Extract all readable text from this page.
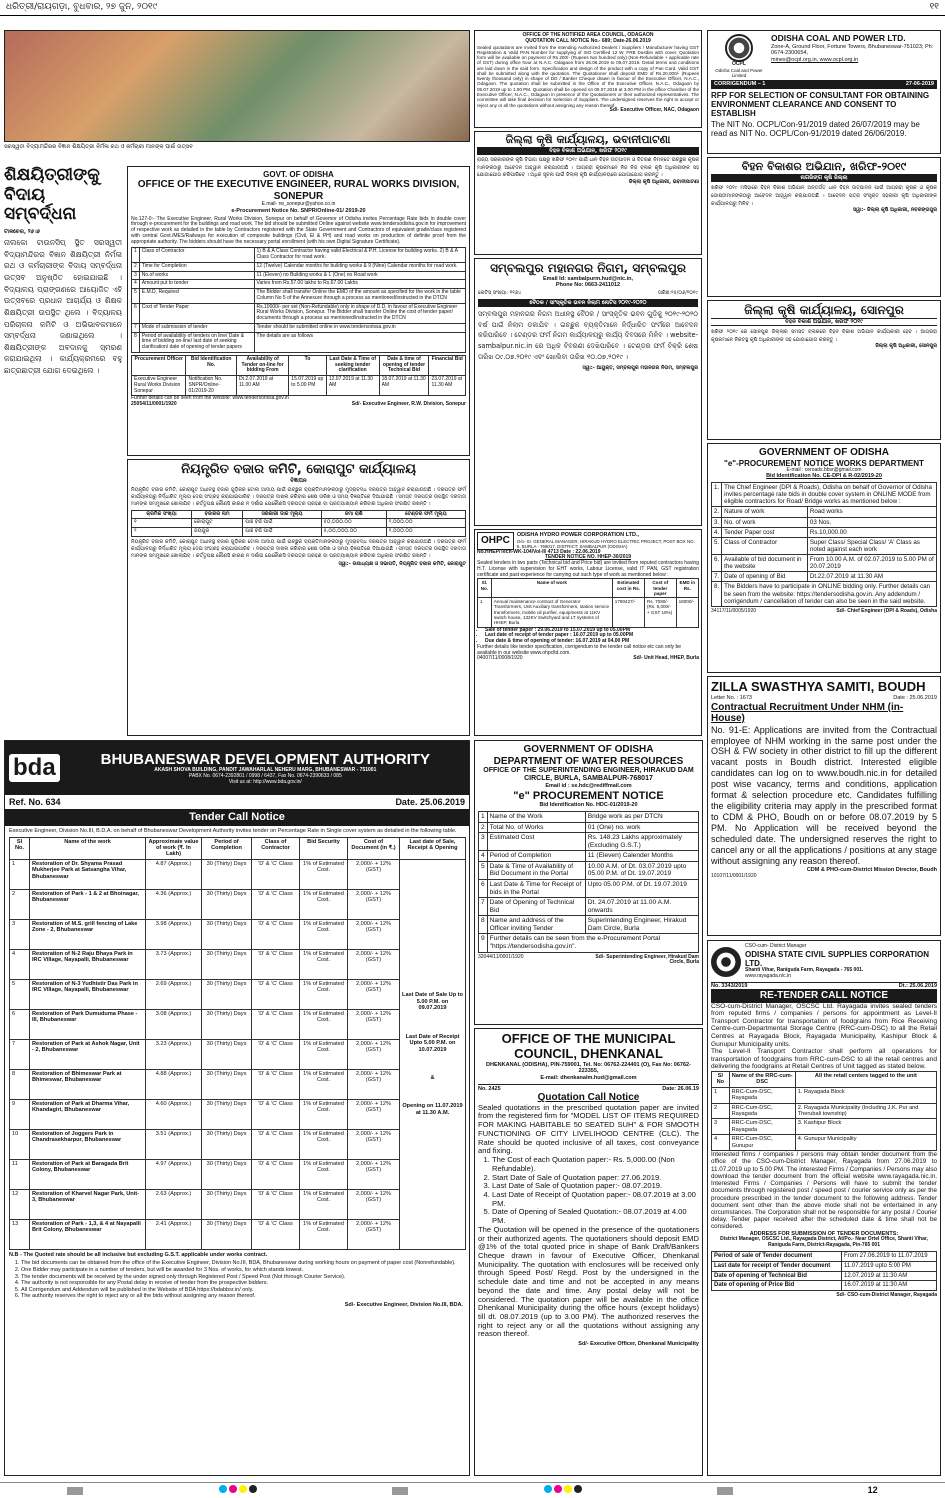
ଧରିତ୍ରୀ/ରାୟଗଡ଼ା, ବୁଧବାର, ୨୭ ଜୁନ, ୨୦୧୯	୧୧
ସରସ୍ୱତୀ ବିଦ୍ୟାମନ୍ଦିରର ବିଜ୍ଞାନ ଶିକ୍ଷୟିତ୍ରୀ ନିର୍ମଳା ରଥ ଓ କର୍ମଚାରୀ ମାନଙ୍କ ପାଇଁ ଉତ୍ସବ
ଶିକ୍ଷୟିତ୍ରୀଙ୍କୁ ବିଦାୟ ସମ୍ବର୍ଦ୍ଧନା
ଟାଳଚେର, ୨୬।୬
ନାଲକୋ ଟାଉନସିପ୍ ସ୍ଥିତ ସରସ୍ୱତୀ ବିଦ୍ୟାମନ୍ଦିରର ବିଜ୍ଞାନ ଶିକ୍ଷୟିତ୍ରୀ ନିର୍ମଳା ରଥ ଓ କର୍ମଚାରୀଙ୍କ ବିଦାୟ ସମ୍ବର୍ଦ୍ଧନା ଉତ୍ସବ ଅନୁଷ୍ଠିତ ହୋଇଯାଇଛି । ବିଦ୍ୟାଳୟ ପ୍ରାଙ୍ଗଣରେ ଆୟୋଜିତ ଏହି ଉତ୍ସବରେ ପ୍ରଧାନ ଆଚାର୍ଯ୍ୟ ଓ ଶିକ୍ଷକ ଶିକ୍ଷୟିତ୍ରୀ ଉପସ୍ଥିତ ଥିଲେ । ବିଦ୍ୟାଳୟ ପରିଚାଳନା କମିଟି ଓ ଅଭିଭାବକମାନେ ସମ୍ବର୍ଦ୍ଧନା ଜଣାଇଥିଲେ । ଶିକ୍ଷୟିତ୍ରୀଙ୍କ ଅବଦାନକୁ ସ୍ମରଣ କରାଯାଇଥିଲା । କାର୍ଯ୍ୟକ୍ରମରେ ବହୁ ଛାତ୍ରଛାତ୍ରୀ ଯୋଗ ଦେଇଥିଲେ ।
GOVT. OF ODISHA
OFFICE OF THE EXECUTIVE ENGINEER, RURAL WORKS DIVISION, SONEPUR
E.mail- rw_sonepur@yahoo.co.in
e-Procurement Notice No. SNPR/Online-01/ 2019-20
No.127-0:- The Executive Engineer, Rural Works Division, Sonepur on behalf of Governor of Odisha invites Percentage Rate bids in double cover through e-procurement for the buildings and road work. The bid should be submitted Online against website www.tendersodisha.gov.in for improvement of respective work as detailed in the table by Contractors registered with the State Government and Contractors of equivalent grade/class registered with central Govt./MES/Railways for execution of composite buildings (Civil, El & PH) and road works on production of definite proof from the appropriate authority. The bidders should have the necessary portal enrollment (with his own Digital Signature Certificate).
1	Class of Contractor	1) B & A Class Contractor having valid Electrical & P.H. License for building works. 2) B & A Class Contractor for road work.
2	Time for Completion	12 (Twelve) Calendar months for building works & 9 (Nine) Calendar months for road work.
3	No.of works	11 (Eleven) no Building works & 1 (One) no Road work
4	Amount put to tender	Varies from Rs.57.00 lakhs to Rs.67.00 Lakhs
5	E.M.D. Required	The Bidder shall transfer Online the EMD of the amount as specified for the work in the table Column No 5 of the Annexure through a process as mentioned/instructed in the DTCN
6	Cost of Tender Paper	Rs.10000/- per set (Non-Refundable) only in shape of D.D. in favour of Executive Engineer Rural Works Division, Sonepur. The Bidder shall transfer Online the cost of tender paper/ documents through a process as mentioned/instructed in the DTCN
7	Mode of submission of tender	Tender should be submitted online in www.tendersorissa.gov.in
8	Period of availability of tenders on line/ Date & time of bidding on-line/ last date of seeking clarification/ date of opening of tender papers	The details are as follows
Procurement Officer	Bid Identification No.	Availability of Tender on-line for bidding From	To	Last Date & Time of seeking tender clarification	Date & time of opening of tender Technical Bid	Financial Bid
Executive Engineer Rural Works Division Sonepur	Notification No. SNPR/Online-01/2019-20	Dt.2.07.2019 at 11.00 AM	15.07.2019 up to 5.00 PM	12.07.2019 at 11.30 AM	18.07.2019 at 11.30 AM	23.07.2019 at 11.30 AM
Further details can be seen from the website: www.tendersorissa.gov.in
25054/11/0001/1920	Sd/- Executive Engineer, R.W. Division, Sonepur
ନିୟନ୍ତ୍ରିତ ବଜାର କମିଟି, କୋରାପୁଟ କାର୍ଯ୍ୟାଳୟ
ବିଜ୍ଞାପନ
ନିୟନ୍ତ୍ରିତ ବଜାର କମିଟି, କୋରାପୁଟ ଅଧୀନସ୍ଥ ବଜାର ଗୁଡ଼ିକର ଟୋଲ ଆଦାୟ ପାଇଁ ଇଚ୍ଛୁକ ବ୍ୟକ୍ତିମାନଙ୍କଠାରୁ ମୁଦ୍ରାବଦ୍ଧ ଦରପତ୍ର ଆହ୍ୱାନ କରାଯାଉଅଛି । ଦରପତ୍ର ଫର୍ମ କାର୍ଯ୍ୟାଳୟରୁ ନିର୍ଦ୍ଧାରିତ ମୂଲ୍ୟ ଦେଇ ସଂଗ୍ରହ କରାଯାଇପାରିବ । ଦରପତ୍ର ଦାଖଲ କରିବାର ଶେଷ ତାରିଖ ଓ ସମୟ ବିଜ୍ଞପ୍ତିରେ ଦିଆଯାଇଛି । ସମସ୍ତ ଦରପତ୍ର ଉପସ୍ଥିତ ଦରଦାତା ମାନଙ୍କ ସମ୍ମୁଖରେ ଖୋଲାଯିବ । କର୍ତ୍ତୃପକ୍ଷ କୌଣସି କାରଣ ନ ଦର୍ଶାଇ ଯେକୌଣସି ଦରପତ୍ର ଗ୍ରହଣ ବା ପ୍ରତ୍ୟାଖ୍ୟାନ କରିବାର ଅଧିକାର ସଂରକ୍ଷିତ ରଖନ୍ତି ।
କ୍ରମିକ ସଂଖ୍ୟା	ବଜାରର ନାମ	ସରକାରୀ ଡାକ ମୂଲ୍ୟ	ଜମା ରାଶି	ଟେଣ୍ଡର ଫର୍ମ ମୂଲ୍ୟ
୧	କୋରାପୁଟ	ପାଞ୍ଚ ବର୍ଷ ପାଇଁ	୫୦,୦୦୦.୦୦	୨,୦୦୦.୦୦
୨	ଜୟପୁର	ପାଞ୍ଚ ବର୍ଷ ପାଇଁ	୫,୦୦,୦୦୦.୦୦	୨,୦୦୦.୦୦
ନିୟନ୍ତ୍ରିତ ବଜାର କମିଟି, କୋରାପୁଟ ଅଧୀନସ୍ଥ ବଜାର ଗୁଡ଼ିକର ଟୋଲ ଆଦାୟ ପାଇଁ ଇଚ୍ଛୁକ ବ୍ୟକ୍ତିମାନଙ୍କଠାରୁ ମୁଦ୍ରାବଦ୍ଧ ଦରପତ୍ର ଆହ୍ୱାନ କରାଯାଉଅଛି । ଦରପତ୍ର ଫର୍ମ କାର୍ଯ୍ୟାଳୟରୁ ନିର୍ଦ୍ଧାରିତ ମୂଲ୍ୟ ଦେଇ ସଂଗ୍ରହ କରାଯାଇପାରିବ । ଦରପତ୍ର ଦାଖଲ କରିବାର ଶେଷ ତାରିଖ ଓ ସମୟ ବିଜ୍ଞପ୍ତିରେ ଦିଆଯାଇଛି । ସମସ୍ତ ଦରପତ୍ର ଉପସ୍ଥିତ ଦରଦାତା ମାନଙ୍କ ସମ୍ମୁଖରେ ଖୋଲାଯିବ । କର୍ତ୍ତୃପକ୍ଷ କୌଣସି କାରଣ ନ ଦର୍ଶାଇ ଯେକୌଣସି ଦରପତ୍ର ଗ୍ରହଣ ବା ପ୍ରତ୍ୟାଖ୍ୟାନ କରିବାର ଅଧିକାର ସଂରକ୍ଷିତ ରଖନ୍ତି ।
ସ୍ୱା:- ଉପାଧ୍ୟକ୍ଷ ଓ ସଭାପତି, ନିୟନ୍ତ୍ରିତ ବଜାର କମିଟି, କୋରାପୁଟ
OFFICE OF THE NOTIFIED AREA COUNCIL, ODAGAON
QUOTATION CALL NOTICE No.- 689; Date-26.06.2019
Sealed quotations are invited from the intending Authorized Dealers / Suppliers / Manufacturer having GST Registration & Valid PAN Number for supplying of ISO Certified 12 W. FRB Dustbin with cover. Quotation form will be available on payment of Rs.200/- (Rupees two hundred only) (Non-Refundable + applicable rate of GST) during office hour at N.A.C. Odagaon from 26.06.2019 to 05.07.2019. Detail terms and conditions are laid down in the said form. Specification and design of the product with a copy of Pan Card. Valid GST shall be submitted along with the quotation. The Quotationer shall deposit EMD of Rs.20,000/- (Rupees twenty thousand only) in shape of DD / Banker Cheque drawn in favour of the Executive Officer, N.A.C., Odagaon. The quotation shall be submitted in the Office of the Executive Officer, N.A.C., Odagaon by 05.07.2019 up to 1.00 PM. Quotation shall be opened on 05.07.2019 at 3.00 PM in the office Chamber of the Executive Officer, N.A.C., Odagaon in presence of the Quotationers or their authorized representatives. The committee will take final decision for Selection of Suppliers. The undersigned reserves the right to accept or reject any or all the quotations without assigning any reason thereof.
Sd/- Executive Officer, NAC, Odagaon
ଜିଲ୍ଲା କୃଷି କାର୍ଯ୍ୟାଳୟ, ଭବାନୀପାଟଣା
ବିହନ ବିକାଶ ଅଭିଯାନ, ଖରିଫ ୨୦୧୯
ରାଜ୍ୟ ସରକାରଙ୍କ କୃଷି ବିଭାଗ ପକ୍ଷରୁ ଖରିଫ ୨୦୧୯ ପାଇଁ ଧାନ ବିହନ ଉତ୍ପାଦନ ଓ ବିତରଣ ନିମନ୍ତେ ଇଚ୍ଛୁକ କୃଷକ ମାନଙ୍କଠାରୁ ଆବେଦନ ଆହ୍ୱାନ କରାଯାଉଅଛି । ଆଗ୍ରହୀ କୃଷକମାନେ ନିଜ ନିଜ ବ୍ଲକ କୃଷି ଅଧିକାରୀଙ୍କ ସହ ଯୋଗାଯୋଗ କରିପାରିବେ । ଅଧିକ ସୂଚନା ପାଇଁ ଜିଲ୍ଲା କୃଷି କାର୍ଯ୍ୟାଳୟରେ ଯୋଗାଯୋଗ କରନ୍ତୁ ।
ଜିଲ୍ଲା କୃଷି ଅଧିକାରୀ, ଭବାନୀପାଟଣା
ସମ୍ବଲପୁର ମହାନଗର ନିଗମ, ସମ୍ବଲପୁର
Email Id: sambalpurm.hud@nic.in,
Phone No: 0663-2411012
ନୋଟିସ୍ ସଂଖ୍ୟା: ୧୧୬୪	ତାରିଖ:୨୫/୦୬/୨୦୧୯
ବୈଠକ / ସାଂସ୍କୃତିକ ଭବନ ନିଲାମ ନୋଟିସ ୨୦୧୯-୨୦୨୦
ସମ୍ବଲପୁର ମହାନଗର ନିଗମ ଅଧୀନସ୍ଥ ବୈଠକ / ସାଂସ୍କୃତିକ ଭବନ ଗୁଡ଼ିକୁ ୨୦୧୯-୨୦୨୦ ବର୍ଷ ପାଇଁ ନିଲାମ ଡକାଯିବ । ଇଚ୍ଛୁକ ବ୍ୟକ୍ତିମାନେ ନିର୍ଦ୍ଧାରିତ ଫର୍ମରେ ଆବେଦନ କରିପାରିବେ । ଟେଣ୍ଡର ଫର୍ମ ନିଗମ କାର୍ଯ୍ୟାଳୟରୁ କାର୍ଯ୍ୟ ଦିବସରେ ମିଳିବ । website- sambalpur.nic.in ରେ ଅଧିକ ବିବରଣୀ ଦେଖିପାରିବେ । ଟେଣ୍ଡର ଫର୍ମ ବିକ୍ରି ଶେଷ ତାରିଖ ୦୯.୦୭.୨୦୧୯ ଏବଂ ଖୋଲିବା ତାରିଖ ୧୦.୦୭.୨୦୧୯ ।
ସ୍ୱା:- ଆୟୁକ୍ତ, ସମ୍ବଲପୁର ମହାନଗର ନିଗମ, ସମ୍ବଲପୁର
OHPC	ODISHA HYDRO POWER CORPORATION LTD.,
O/o- Sr. GENERAL MANAGER, HIRAKUD HYDRO ELECTRIC PROJECT, POST BOX NO. 5, BURLA - 768017, DISTRICT: SAMBALPUR (ODISHA)
No.HHEP/Tech-WK-104/Vol-II/ 4713 Date : 22.06.2019
TENDER NOTICE NO. HHEP-30/2019
Sealed tenders in two parts (Technical bid and Price bid) are invited from reputed contractors having H.T. License with supervision for EHT works, Labour License, valid IT PAN, GST registration certificate and past experience for carrying out such type of work as mentioned below :
Sl. No.	Name of work	Estimated cost in Rs.	Cost of tender paper	EMD in Rs.
1	Annual maintenance contract of Generator Transformers, Unit Auxiliary transformers, station service transformers, mobile oil purifier, equipments at 11KV switch house, 132KV Switchyard and LT systems of HHEP, Burla	1790427/-	Rs. 7080/- (Rs. 6,000/- + GST 18%)	18000/-
• Sale of tender paper : 29.06.2019 to 15.07.2019 up to 05.00PM
• Last date of receipt of tender paper : 16.07.2019 up to 05.00PM
• Due date & time of opening of tender: 16.07.2019 at 04.00 PM
Further details like tender specification, corrigendum to the tender call notice etc can only be available in our website www.ohpcltd.com.
04007/11/0008/1920	Sd/- Unit Head, HHEP, Burla
OCPL
Odisha Coal and Power Limited
ODISHA COAL AND POWER LTD.
Zone-A, Ground Floor, Fortune Towers, Bhubaneswar-751023; Ph: 0674-2300654,
mines@ocpl.org.in, www.ocpl.org.in
CORRIGENDUM – 1	27-06-2019
RFP FOR SELECTION OF CONSULTANT FOR OBTAINING ENVIRONMENT CLEARANCE AND CONSENT TO ESTABLISH
The NIT No. OCPL/Con-91/2019 dated 26/07/2019 may be read as NIT No. OCPL/Con-91/2019 dated 26/06/2019.
ବିହନ ବିକାଶର ଅଭିଯାନ, ଖରିଫ-୨୦୧୯
ନାଗରିଙ୍ଗ କୃଷି ଜିଲ୍ଲା
ଖରିଫ ୨୦୧୯ ମସିହାରେ ବିହନ ବିକାଶ ଅଭିଯାନ ଅନ୍ତର୍ଗତ ଧାନ ବିହନ ଉତ୍ପାଦନ ପାଇଁ ଆଗ୍ରହୀ କୃଷକ ଓ କୃଷକ ଗୋଷ୍ଠୀମାନଙ୍କଠାରୁ ଆବେଦନ ଆହ୍ୱାନ କରାଯାଉଅଛି । ଆବେଦନ ପତ୍ର ସଂପୃକ୍ତ ସହକାରୀ କୃଷି ଅଧିକାରୀଙ୍କ କାର୍ଯ୍ୟାଳୟରୁ ମିଳିବ ।
ସ୍ୱା:- ଜିଲ୍ଲା କୃଷି ଅଧିକାରୀ, ନବରଙ୍ଗପୁର
ଜିଲ୍ଲା କୃଷି କାର୍ଯ୍ୟାଳୟ, ସୋନପୁର
ବିହନ ବିକାଶ ଅଭିଯାନ, ଖରିଫ ୨୦୧୯
ଖରିଫ ୨୦୧୯ ରେ ସୋନପୁର ଜିଲ୍ଲାର ସମସ୍ତ ବ୍ଲକରେ ବିହନ ବିକାଶ ଅଭିଯାନ କାର୍ଯ୍ୟକାରୀ ହେବ । ଆଗ୍ରହୀ କୃଷକମାନେ ନିକଟସ୍ଥ କୃଷି ଅଧିକାରୀଙ୍କ ସହ ଯୋଗାଯୋଗ କରନ୍ତୁ ।
ଜିଲ୍ଲା କୃଷି ଅଧିକାରୀ, ସୋନପୁର
GOVERNMENT OF ODISHA
"e"-PROCUREMENT NOTICE WORKS DEPARTMENT
E-mail : ceroads.bbsr@gmail.com
Bid Identification No. CE-DPI & R-02/2019-20
1.	The Chief Engineer (DPI & Roads), Odisha on behalf of Governor of Odisha invites percentage rate bids in double cover system in ONLINE MODE from eligible contractors for Road/ Bridge works as mentioned below :	
2.	Nature of work	Road works
3.	No. of work	03 Nos.
4.	Tender Paper cost	Rs.10,000.00
5.	Class of Contractor	Super Class/ Special Class/ 'A' Class as noted against each work
6.	Available of bid document in the website	From 10.00 A.M. of 02.07.2019 to 5.00 PM of 20.07.2019
7.	Date of opening of Bid	Dt.22.07.2019 at 11.30 AM
8.	The Bidders have to participate in ONLINE bidding only. Further details can be seen from the website: https://tendersodisha.gov.in. Any addendum / corrigendum / cancellation of tender can also be seen in the said website.	
34117/11/0005/1920	Sd/- Chief Engineer (DPI & Roads), Odisha
ZILLA SWASTHYA SAMITI, BOUDH
Letter No. : 1673	Date : 25.06.2019
Contractual Recruitment Under NHM (in-House)
No. 91-E: Applications are invited from the Contractual employee of NHM working in the same post under the OSH & FW society in other district to fill up the different vacant posts in Boudh district. Interested eligible candidates can log on to www.boudh.nic.in for detailed post wise vacancy, terms and conditions, application format & selection procedure etc. Candidates fulfilling the eligibility criteria may apply in the prescribed format to CDM & PHO, Boudh on or before 08.07.2019 by 5 PM. No Application will be received beyond the scheduled date. The undersigned reserves the right to cancel any or all the applications / positions at any stage without assigning any reason thereof.
CDM & PHO-cum-District Mission Director, Boudh
10107/11/0001/1920
bda	BHUBANESWAR DEVELOPMENT AUTHORITY
AKASH SHOVA BUILDING, PANDIT JAWAHARLAL NEHERU MARG, BHUBANESWAR - 751001
PABX No. 0674-2392801 / 0998 / 6437, Fax No. 0674-2390633 / 085
Visit us at: http://www.bda.gov.in/
Ref. No. 634	Date. 25.06.2019
Tender Call Notice
Executive Engineer, Division No.III, B.D.A. on behalf of Bhubaneswar Development Authority invites tender on Percentage Rate in Single cover system as detailed in the following table.
Sl No.	Name of the work	Approximate value of work (₹. In Lakh)	Period of Completion	Class of Contractor	Bid Security	Cost of Document (in ₹.)	Last date of Sale, Receipt & Opening
1	Restoration of Dr. Shyama Prasad Mukherjee Park at Satsangha Vihar, Bhubaneswar	4.87 (Approx.)	30 (Thirty) Days	'D' & 'C' Class	1% of Estimated Cost.	2,000/- + 12% (GST)	Last Date of Sale Up to 5.00 P.M. on 09.07.2019
Last Date of Receipt Upto 5.00 P.M. on 10.07.2019
&
Opening on 11.07.2019 at 11.30 A.M.

2	Restoration of Park - 1 & 2 at Bhoinagar, Bhubaneswar	4.36 (Approx.)	30 (Thirty) Days	'D' & 'C' Class	1% of Estimated Cost.	2,000/- + 12% (GST)	
3	Restoration of M.S. grill fencing of Lake Zone - 2, Bhubaneswar	3.98 (Approx.)	30 (Thirty) Days	'D' & 'C' Class	1% of Estimated Cost.	2,000/- + 12% (GST)	
4	Restoration of N-2 Raju Bhaya Park in IRC Village, Nayapalli, Bhubaneswar	3.73 (Approx.)	30 (Thirty) Days	'D' & 'C' Class	1% of Estimated Cost.	2,000/- + 12% (GST)	
5	Restoration of N-3 Yudhistir Das Park in IRC Village, Nayapalli, Bhubaneswar	2.69 (Approx.)	30 (Thirty) Days	'D' & 'C' Class	1% of Estimated Cost.	2,000/- + 12% (GST)	
6	Restoration of Park Dumuduma Phase - III, Bhubaneswar	3.08 (Approx.)	30 (Thirty) Days	'D' & 'C' Class	1% of Estimated Cost.	2,000/- + 12% (GST)	
7	Restoration of Park at Ashok Nagar, Unit - 2, Bhubaneswar	3.23 (Approx.)	30 (Thirty) Days	'D' & 'C' Class	1% of Estimated Cost.	2,000/- + 12% (GST)	
8	Restoration of Bhimeswar Park at Bhimeswar, Bhubaneswar	4.88 (Approx.)	30 (Thirty) Days	'D' & 'C' Class	1% of Estimated Cost.	2,000/- + 12% (GST)	
9	Restoration of Park at Dharma Vihar, Khandagiri, Bhubaneswar	4.60 (Approx.)	30 (Thirty) Days	'D' & 'C' Class	1% of Estimated Cost.	2,000/- + 12% (GST)	
10	Restoration of Joggers Park in Chandrasekharpur, Bhubaneswar	3.51 (Approx.)	30 (Thirty) Days	'D' & 'C' Class	1% of Estimated Cost.	2,000/- + 12% (GST)	
11	Restoration of Park at Baragada Brit Colony, Bhubaneswar	4.97 (Approx.)	30 (Thirty) Days	'D' & 'C' Class	1% of Estimated Cost.	2,000/- + 12% (GST)	
12	Restoration of Kharvel Nagar Park, Unit-3, Bhubaneswar	2.63 (Approx.)	30 (Thirty) Days	'D' & 'C' Class	1% of Estimated Cost.	2,000/- + 12% (GST)	
13	Restoration of Park - 1,3, & 4 at Nayapalli Brit Colony, Bhubaneswar	2.41 (Approx.)	30 (Thirty) Days	'D' & 'C' Class	1% of Estimated Cost.	2,000/- + 12% (GST)	
N.B - The Quoted rate should be all inclusive but excluding G.S.T. applicable under works contract.
1. The bid documents can be obtained from the office of the Executive Engineer, Division No.III, BDA, Bhubaneswar during working hours on payment of paper cost (Nonrefundable).
2. One Bidder may participate in a number of tenders, but will be awarded for 3 Nos. of works, for which stands lowest.
3. The tender documents will be received by the under signed only through Registered Post / Speed Post (Not through Courier Service).
4. The authority is not responsible for any Postal delay in receive of tender from the prospective bidders.
5. All Corrigendum and Addendum will be published in the Website of BDA https://bdabbsr.in/ only.
6. The authority reserves the right to reject any or all the bids without assigning any reason thereof.
Sd/- Executive Engineer, Division No.III, BDA.
GOVERNMENT OF ODISHA
DEPARTMENT OF WATER RESOURCES
OFFICE OF THE SUPERINTENDING ENGINEER, HIRAKUD DAM CIRCLE, BURLA, SAMBALPUR-768017
Email id : se.hdc@rediffmail.com
"e" PROCUREMENT NOTICE
Bid Identification No. HDC-01/2019-20
1	Name of the Work	Bridge work as per DTCN
2	Total No. of Works	01 (One) no. work
3	Estimated Cost	Rs. 148.23 Lakhs approximately (Excluding G.S.T.)
4	Period of Completion	11 (Eleven) Calender Months
5	Date & Time of Availability of Bid Document in the Portal	10.00 A.M. of Dt. 03.07.2019 upto 05.00 P.M. of Dt. 19.07.2019
6	Last Date & Time for Receipt of bids in the Portal	Upto 05.00 P.M. of Dt. 19.07.2019
7	Date of Opening of Technical Bid	Dt. 24.07.2019 at 11.00 A.M. onwards
8	Name and address of the Officer inviting Tender	Superintending Engineer, Hirakud Dam Circle, Burla
9	Further details can be seen from the e-Procurement Portal "https://tendersodisha.gov.in".	
32044/11/0001/1920	Sd/- Superintending Engineer, Hirakud Dam Circle, Burla
OFFICE OF THE MUNICIPAL COUNCIL, DHENKANAL
DHENKANAL (ODISHA), PIN-759001, Tel. No: 06762-224401 (O), Fax No: 06762-223355,
E-mail: dhenkanalm.hud@gmail.com
No. 2425	Date: 26.06.19
Quotation Call Notice
Sealed quotations in the prescribed quotation paper are invited from the registered firm for "MODEL LIST OF ITEMS REQUIRED FOR MAKING HABITABLE 50 SEATED SUH" & FOR SMOOTH FUNCTIONING OF CITY LIVELIHOOD CENTRE (CLC). The Rate should be quoted inclusive of all taxes, cost conveyance and fixing.
1. The Cost of each Quotation paper:- Rs. 5,000.00 (Non Refundable).
2. Start Date of Sale of Quotation paper: 27.06.2019.
3. Last Date of Sale of Quotation paper:- 08.07.2019.
4. Last Date of Receipt of Quotation paper:- 08.07.2019 at 3.00 PM.
5. Date of Opening of Sealed Quotation:- 08.07.2019 at 4.00 PM.
The Quotation will be opened in the presence of the quotationers or their authorized agents. The quotationers should deposit EMD @1% of the total quoted price in shape of Bank Draft/Bankers Cheque drawn in favour of Executive Officer, Dhenkanal Municipality. The quotation with enclosures will be received only through Speed Post/ Regd. Post by the undersigned in the schedule date and time and not be accepted in any means beyond the date and time. Any postal delay will not be considered. The quotation paper will be available in the office Dhenkanal Municipality during the office hours (except holidays) till dt. 08.07.2019 (up to 3.00 PM). The authorized reserves the right to reject any or all the quotations without assigning any reason thereof.
Sd/- Executive Officer, Dhenkanal Municipality
CSO-cum- District Manager
ODISHA STATE CIVIL SUPPLIES CORPORATION LTD.
Shanti Vihar, Raniguda Farm, Rayagada - 765 001.
www.rayagada.nic.in
No. 3343/2019	Dt.: 25.06.2019
RE-TENDER CALL NOTICE
CSO-cum-District Manager, OSCSC Ltd. Rayagada invites sealed tenders from reputed firms / companies / persons for appointment as Level-II Transport Contractor for transportation of foodgrains from Rice Receiving Centre-cum-Departmental Storage Centre (RRC-cum-DSC) to all the Retail Centres at Rayagada Block, Rayagada Municipality, Kashipur Block & Gunupur Municipality units.
The Level-II Transport Contractor shall perform all operations for transportation of foodgrains from RRC-cum-DSC to all the retail centres and delivering the foodgrains at Retail Centres of Unit tagged as stated below.
Sl No	Name of the RRC-cum-DSC	All the retail centers tagged to the unit
1	RRC-Cum-DSC, Rayagada	1. Rayagada Block
2	RRC-Cum-DSC, Rayagada	2. Rayagada Municipality (Including J.K. Pur and Therubali township)
3	RRC-Cum-DSC, Rayagada	3. Kashipur Block
4	RRC-Cum-DSC, Gunupur	4. Gunupur Municipality
Interested firms / companies / persons may obtain tender document from the office of the CSO-cum-District Manager, Rayagada from 27.06.2019 to 11.07.2019 up to 5.00 PM. The interested Firms / Companies / Persons may also download the tender document from the official website www.rayagada.nic.in. Interested Firms / Companies / Persons will have to submit the tender documents through registered post / speed post / courier service only as per the procedure prescribed in the tender document to the following address. Tender document sent other than the above mode shall not be entertained in any circumstances. The Corporation shall not be responsible for any postal / Courier delay. Tender paper received after the scheduled date & time shall not be considered.
ADDRESS FOR SUBMISSION OF TENDER DOCUMENTS:
District Manager, OSCSC Ltd., Rayagada District, At/Po.- Near Ortel Office, Shanti Vihar, Raniguda Farm, District-Rayagada, Pin-765 001
Period of sale of Tender document	From 27.06.2019 to 11.07.2019
Last date for receipt of Tender document	11.07.2019 upto 5:00 PM
Date of opening of Technical Bid	12.07.2019 at 11:30 AM
Date of opening of Price Bid	16.07.2019 at 11:30 AM
Sd/- CSO-cum-District Manager, Rayagada
12
